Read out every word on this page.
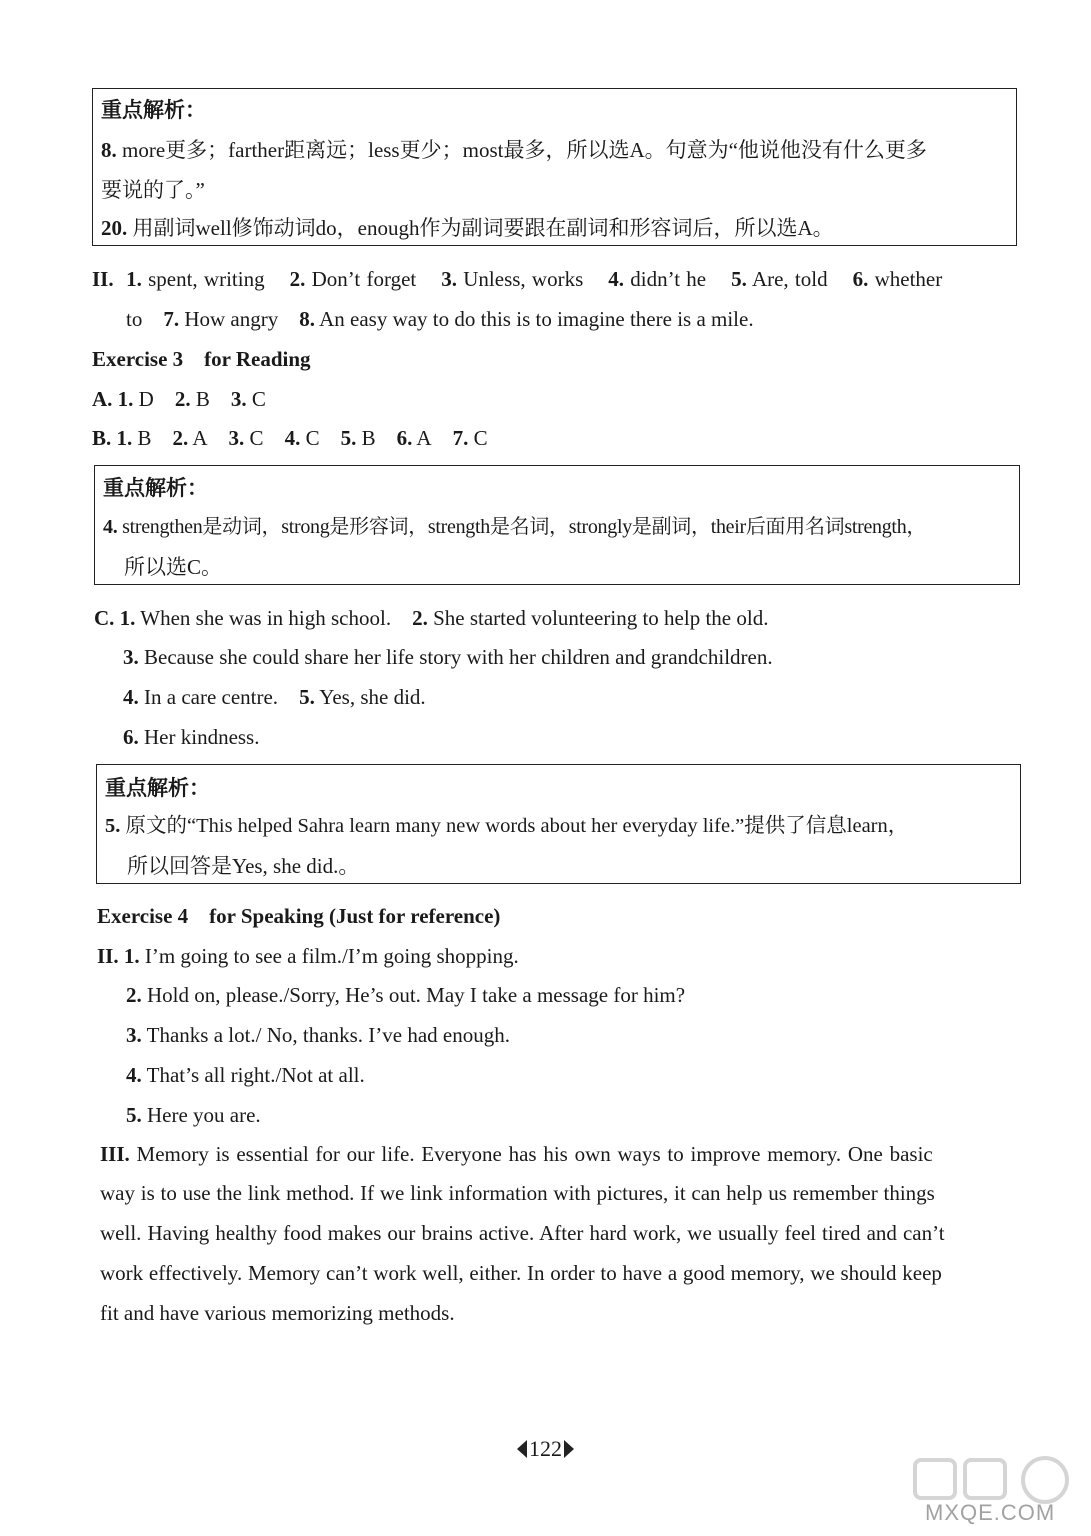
重点解析：
8. more更多；farther距离远；less更少；most最多，所以选A。句意为“他说他没有什么更多
要说的了。”
20. 用副词well修饰动词do，enough作为副词要跟在副词和形容词后，所以选A。
II. 1. spent, writing 2. Don’t forget 3. Unless, works 4. didn’t he 5. Are, told 6. whether
to 7. How angry 8. An easy way to do this is to imagine there is a mile.
Exercise 3    for Reading
A. 1. D 2. B 3. C
B. 1. B 2. A 3. C 4. C 5. B 6. A 7. C
重点解析：
4. strengthen是动词，strong是形容词，strength是名词，strongly是副词，their后面用名词strength，
所以选C。
C. 1. When she was in high school. 2. She started volunteering to help the old.
3. Because she could share her life story with her children and grandchildren.
4. In a care centre. 5. Yes, she did.
6. Her kindness.
重点解析：
5. 原文的“This helped Sahra learn many new words about her everyday life.”提供了信息learn，
所以回答是Yes, she did.。
Exercise 4    for Speaking (Just for reference)
II. 1. I’m going to see a film./I’m going shopping.
2. Hold on, please./Sorry, He’s out. May I take a message for him?
3. Thanks a lot./ No, thanks. I’ve had enough.
4. That’s all right./Not at all.
5. Here you are.
III. Memory is essential for our life. Everyone has his own ways to improve memory. One basic
way is to use the link method. If we link information with pictures, it can help us remember things
well. Having healthy food makes our brains active. After hard work, we usually feel tired and can’t
work effectively. Memory can’t work well, either. In order to have a good memory, we should keep
fit and have various memorizing methods.
122
MXQE.COM
